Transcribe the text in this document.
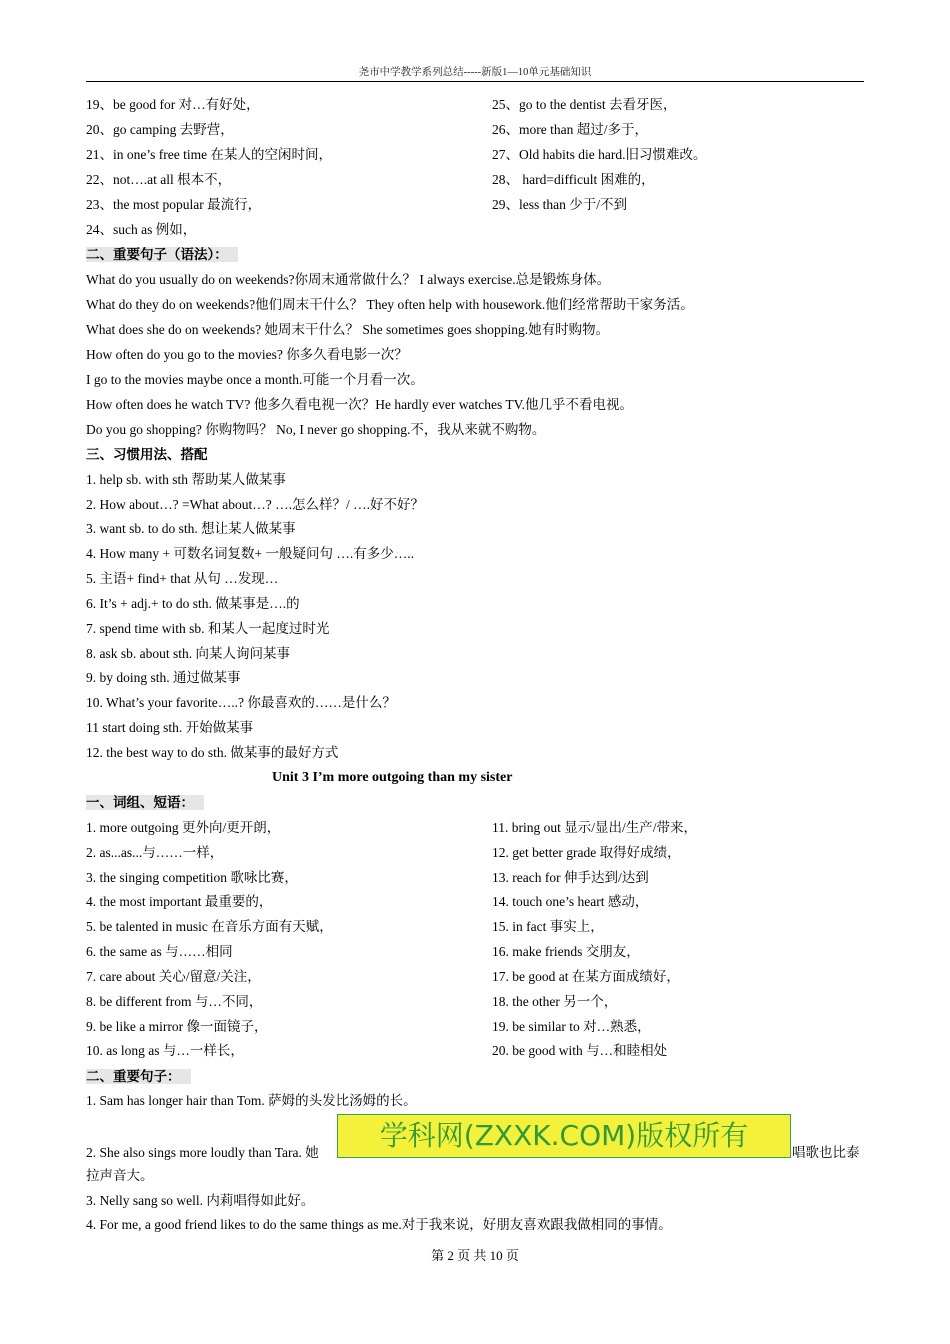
尧市中学教学系列总结-----新版1—10单元基础知识
19、be good for 对…有好处，
20、go camping 去野营，
21、in one’s free time 在某人的空闲时间，
22、not….at all 根本不，
23、the most popular 最流行，
24、such as 例如，
25、go to the dentist 去看牙医，
26、more than 超过/多于，
27、Old habits die hard.旧习惯难改。
28、 hard=difficult 困难的，
29、less than 少于/不到
二、重要句子（语法）：
What do you usually do on weekends?你周末通常做什么？ I always exercise.总是锻炼身体。
What do they do on weekends?他们周末干什么？ They often help with housework.他们经常帮助干家务活。
What does she do on weekends? 她周末干什么？ She sometimes goes shopping.她有时购物。
How often do you go to the movies? 你多久看电影一次？
I go to the movies maybe once a month.可能一个月看一次。
How often does he watch TV? 他多久看电视一次？He hardly ever watches TV.他几乎不看电视。
Do you go shopping? 你购物吗？ No, I never go shopping.不，我从来就不购物。
三、习惯用法、搭配
1. help sb. with sth 帮助某人做某事
2. How about…? =What about…? ….怎么样？/ ….好不好？
3. want sb. to do sth. 想让某人做某事
4. How many + 可数名词复数+ 一般疑问句 ….有多少…..
5. 主语+ find+ that 从句 …发现…
6. It’s + adj.+ to do sth. 做某事是….的
7. spend time with sb. 和某人一起度过时光
8. ask sb. about sth. 向某人询问某事
9. by doing sth. 通过做某事
10. What’s your favorite…..? 你最喜欢的……是什么？
11 start doing sth. 开始做某事
12. the best way to do sth. 做某事的最好方式
Unit 3 I’m more outgoing than my sister
一、词组、短语：
1. more outgoing 更外向/更开朗，
2. as...as...与……一样，
3. the singing competition 歌咏比赛，
4. the most important 最重要的，
5. be talented in music 在音乐方面有天赋，
6. the same as 与……相同
7. care about 关心/留意/关注，
8. be different from 与…不同，
9. be like a mirror 像一面镜子，
10. as long as 与…一样长，
11. bring out 显示/显出/生产/带来，
12. get better grade 取得好成绩，
13. reach for 伸手达到/达到
14. touch one’s heart 感动，
15. in fact 事实上，
16. make friends 交朋友，
17. be good at 在某方面成绩好，
18. the other 另一个，
19. be similar to 对…熟悉，
20. be good with 与…和睦相处
二、重要句子：
1. Sam has longer hair than Tom. 萨姆的头发比汤姆的长。
2. She also sings more loudly than Tara. 她	唱歌也比泰
拉声音大。
3. Nelly sang so well. 内莉唱得如此好。
4. For me, a good friend likes to do the same things as me.对于我来说，好朋友喜欢跟我做相同的事情。
学科网(ZXXK.COM)版权所有
第 2 页 共 10 页
